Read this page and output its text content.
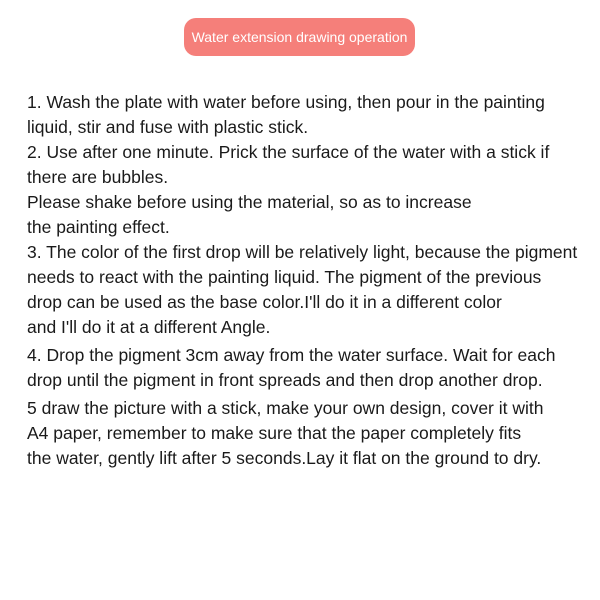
Water extension drawing operation
1. Wash the plate with water before using, then pour in the painting
liquid, stir and fuse with plastic stick.
2. Use after one minute. Prick the surface of the water with a stick if
there are bubbles.
Please shake before using the material, so as to increase
the painting effect.
3. The color of the first drop will be relatively light, because the pigment
needs to react with the painting liquid. The pigment of the previous
drop can be used as the base color.I'll do it in a different color
and I'll do it at a different Angle.
4. Drop the pigment 3cm away from the water surface. Wait for each
drop until the pigment in front spreads and then drop another drop.
5 draw the picture with a stick, make your own design, cover it with
A4 paper, remember to make sure that the paper completely fits
the water, gently lift after 5 seconds.Lay it flat on the ground to dry.
